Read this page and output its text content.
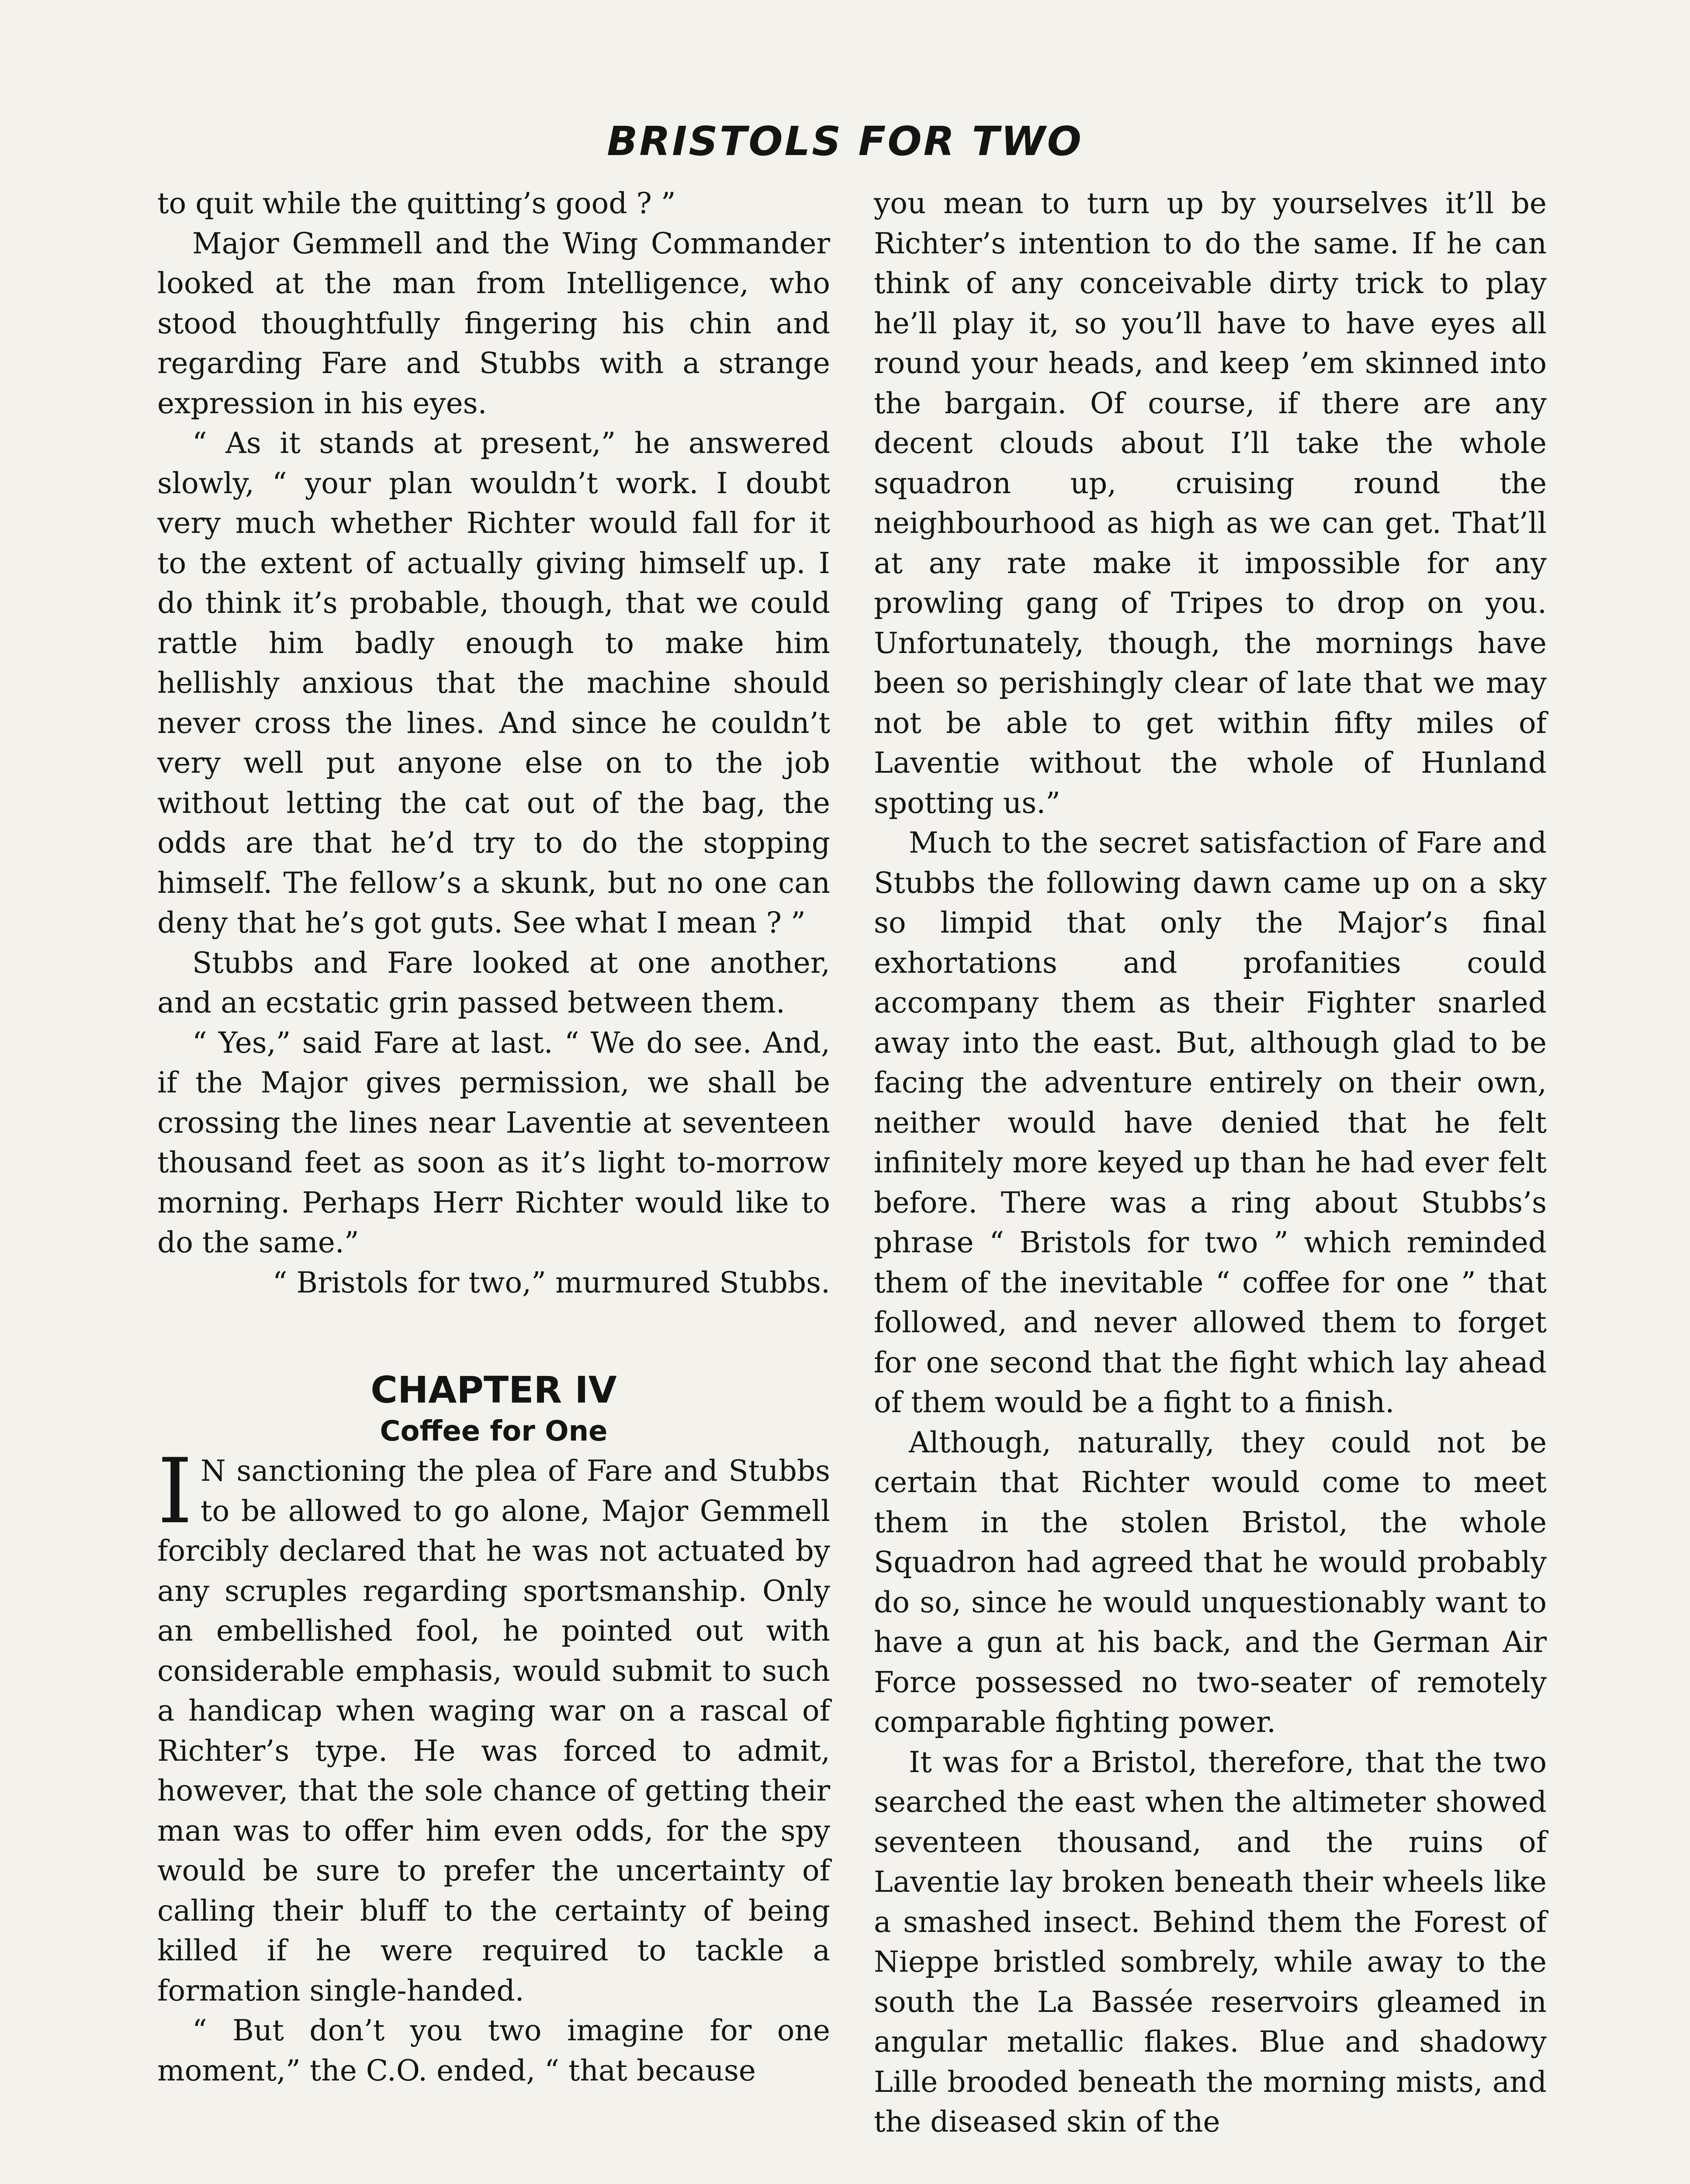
BRISTOLS FOR TWO

to quit while the quitting’s good ? ”

Major Gemmell and the Wing Commander looked at the man from Intelligence, who stood thoughtfully fingering his chin and regarding Fare and Stubbs with a strange expression in his eyes.

“ As it stands at present,” he answered slowly, “ your plan wouldn’t work. I doubt very much whether Richter would fall for it to the extent of actually giving himself up. I do think it’s probable, though, that we could rattle him badly enough to make him hellishly anxious that the machine should never cross the lines. And since he couldn’t very well put anyone else on to the job without letting the cat out of the bag, the odds are that he’d try to do the stopping himself. The fellow’s a skunk, but no one can deny that he’s got guts. See what I mean ? ”

Stubbs and Fare looked at one another, and an ecstatic grin passed between them.

“ Yes,” said Fare at last. “ We do see. And, if the Major gives permission, we shall be crossing the lines near Laventie at seventeen thousand feet as soon as it’s light to-morrow morning. Perhaps Herr Richter would like to do the same.”

“ Bristols for two,” murmured Stubbs.

CHAPTER IV
Coffee for One

I N sanctioning the plea of Fare and Stubbs to be allowed to go alone, Major Gemmell forcibly declared that he was not actuated by any scruples regarding sportsmanship. Only an embellished fool, he pointed out with considerable emphasis, would submit to such a handicap when waging war on a rascal of Richter’s type. He was forced to admit, however, that the sole chance of getting their man was to offer him even odds, for the spy would be sure to prefer the uncertainty of calling their bluff to the certainty of being killed if he were required to tackle a formation single-handed.

“ But don’t you two imagine for one moment,” the C.O. ended, “ that because

you mean to turn up by yourselves it’ll be Richter’s intention to do the same. If he can think of any conceivable dirty trick to play he’ll play it, so you’ll have to have eyes all round your heads, and keep ’em skinned into the bargain. Of course, if there are any decent clouds about I’ll take the whole squadron up, cruising round the neighbourhood as high as we can get. That’ll at any rate make it impossible for any prowling gang of Tripes to drop on you. Unfortunately, though, the mornings have been so perishingly clear of late that we may not be able to get within fifty miles of Laventie without the whole of Hunland spotting us.”

Much to the secret satisfaction of Fare and Stubbs the following dawn came up on a sky so limpid that only the Major’s final exhortations and profanities could accompany them as their Fighter snarled away into the east. But, although glad to be facing the adventure entirely on their own, neither would have denied that he felt infinitely more keyed up than he had ever felt before. There was a ring about Stubbs’s phrase “ Bristols for two ” which reminded them of the inevitable “ coffee for one ” that followed, and never allowed them to forget for one second that the fight which lay ahead of them would be a fight to a finish.

Although, naturally, they could not be certain that Richter would come to meet them in the stolen Bristol, the whole Squadron had agreed that he would probably do so, since he would unquestionably want to have a gun at his back, and the German Air Force possessed no two-seater of remotely comparable fighting power.

It was for a Bristol, therefore, that the two searched the east when the altimeter showed seventeen thousand, and the ruins of Laventie lay broken beneath their wheels like a smashed insect. Behind them the Forest of Nieppe bristled sombrely, while away to the south the La Bassée reservoirs gleamed in angular metallic flakes. Blue and shadowy Lille brooded beneath the morning mists, and the diseased skin of the
